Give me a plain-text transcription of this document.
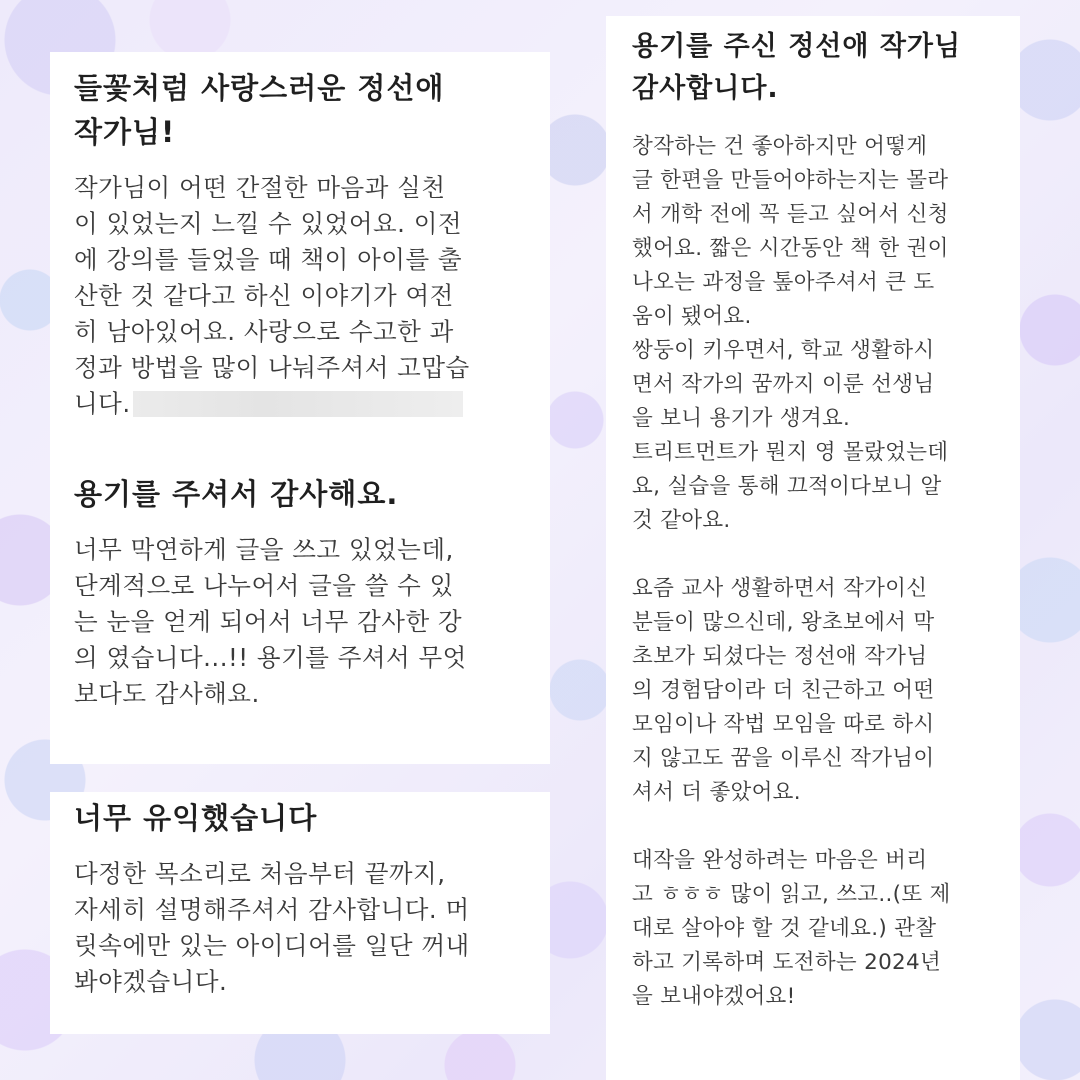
들꽃처럼 사랑스러운 정선애
작가님!

작가님이 어떤 간절한 마음과 실천
이 있었는지 느낄 수 있었어요. 이전
에 강의를 들었을 때 책이 아이를 출
산한 것 같다고 하신 이야기가 여전
히 남아있어요. 사랑으로 수고한 과
정과 방법을 많이 나눠주셔서 고맙습
니다.

용기를 주셔서 감사해요.

너무 막연하게 글을 쓰고 있었는데,
단계적으로 나누어서 글을 쓸 수 있
는 눈을 얻게 되어서 너무 감사한 강
의 였습니다...!! 용기를 주셔서 무엇
보다도 감사해요.

너무 유익했습니다

다정한 목소리로 처음부터 끝까지,
자세히 설명해주셔서 감사합니다. 머
릿속에만 있는 아이디어를 일단 꺼내
봐야겠습니다.

용기를 주신 정선애 작가님
감사합니다.

창작하는 건 좋아하지만 어떻게
글 한편을 만들어야하는지는 몰라
서 개학 전에 꼭 듣고 싶어서 신청
했어요. 짧은 시간동안 책 한 권이
나오는 과정을 톺아주셔서 큰 도
움이 됐어요.
쌍둥이 키우면서, 학교 생활하시
면서 작가의 꿈까지 이룬 선생님
을 보니 용기가 생겨요.
트리트먼트가 뭔지 영 몰랐었는데
요, 실습을 통해 끄적이다보니 알
것 같아요.

요즘 교사 생활하면서 작가이신
분들이 많으신데, 왕초보에서 막
초보가 되셨다는 정선애 작가님
의 경험담이라 더 친근하고 어떤
모임이나 작법 모임을 따로 하시
지 않고도 꿈을 이루신 작가님이
셔서 더 좋았어요.

대작을 완성하려는 마음은 버리
고 ㅎㅎㅎ 많이 읽고, 쓰고..(또 제
대로 살아야 할 것 같네요.) 관찰
하고 기록하며 도전하는 2024년
을 보내야겠어요!
